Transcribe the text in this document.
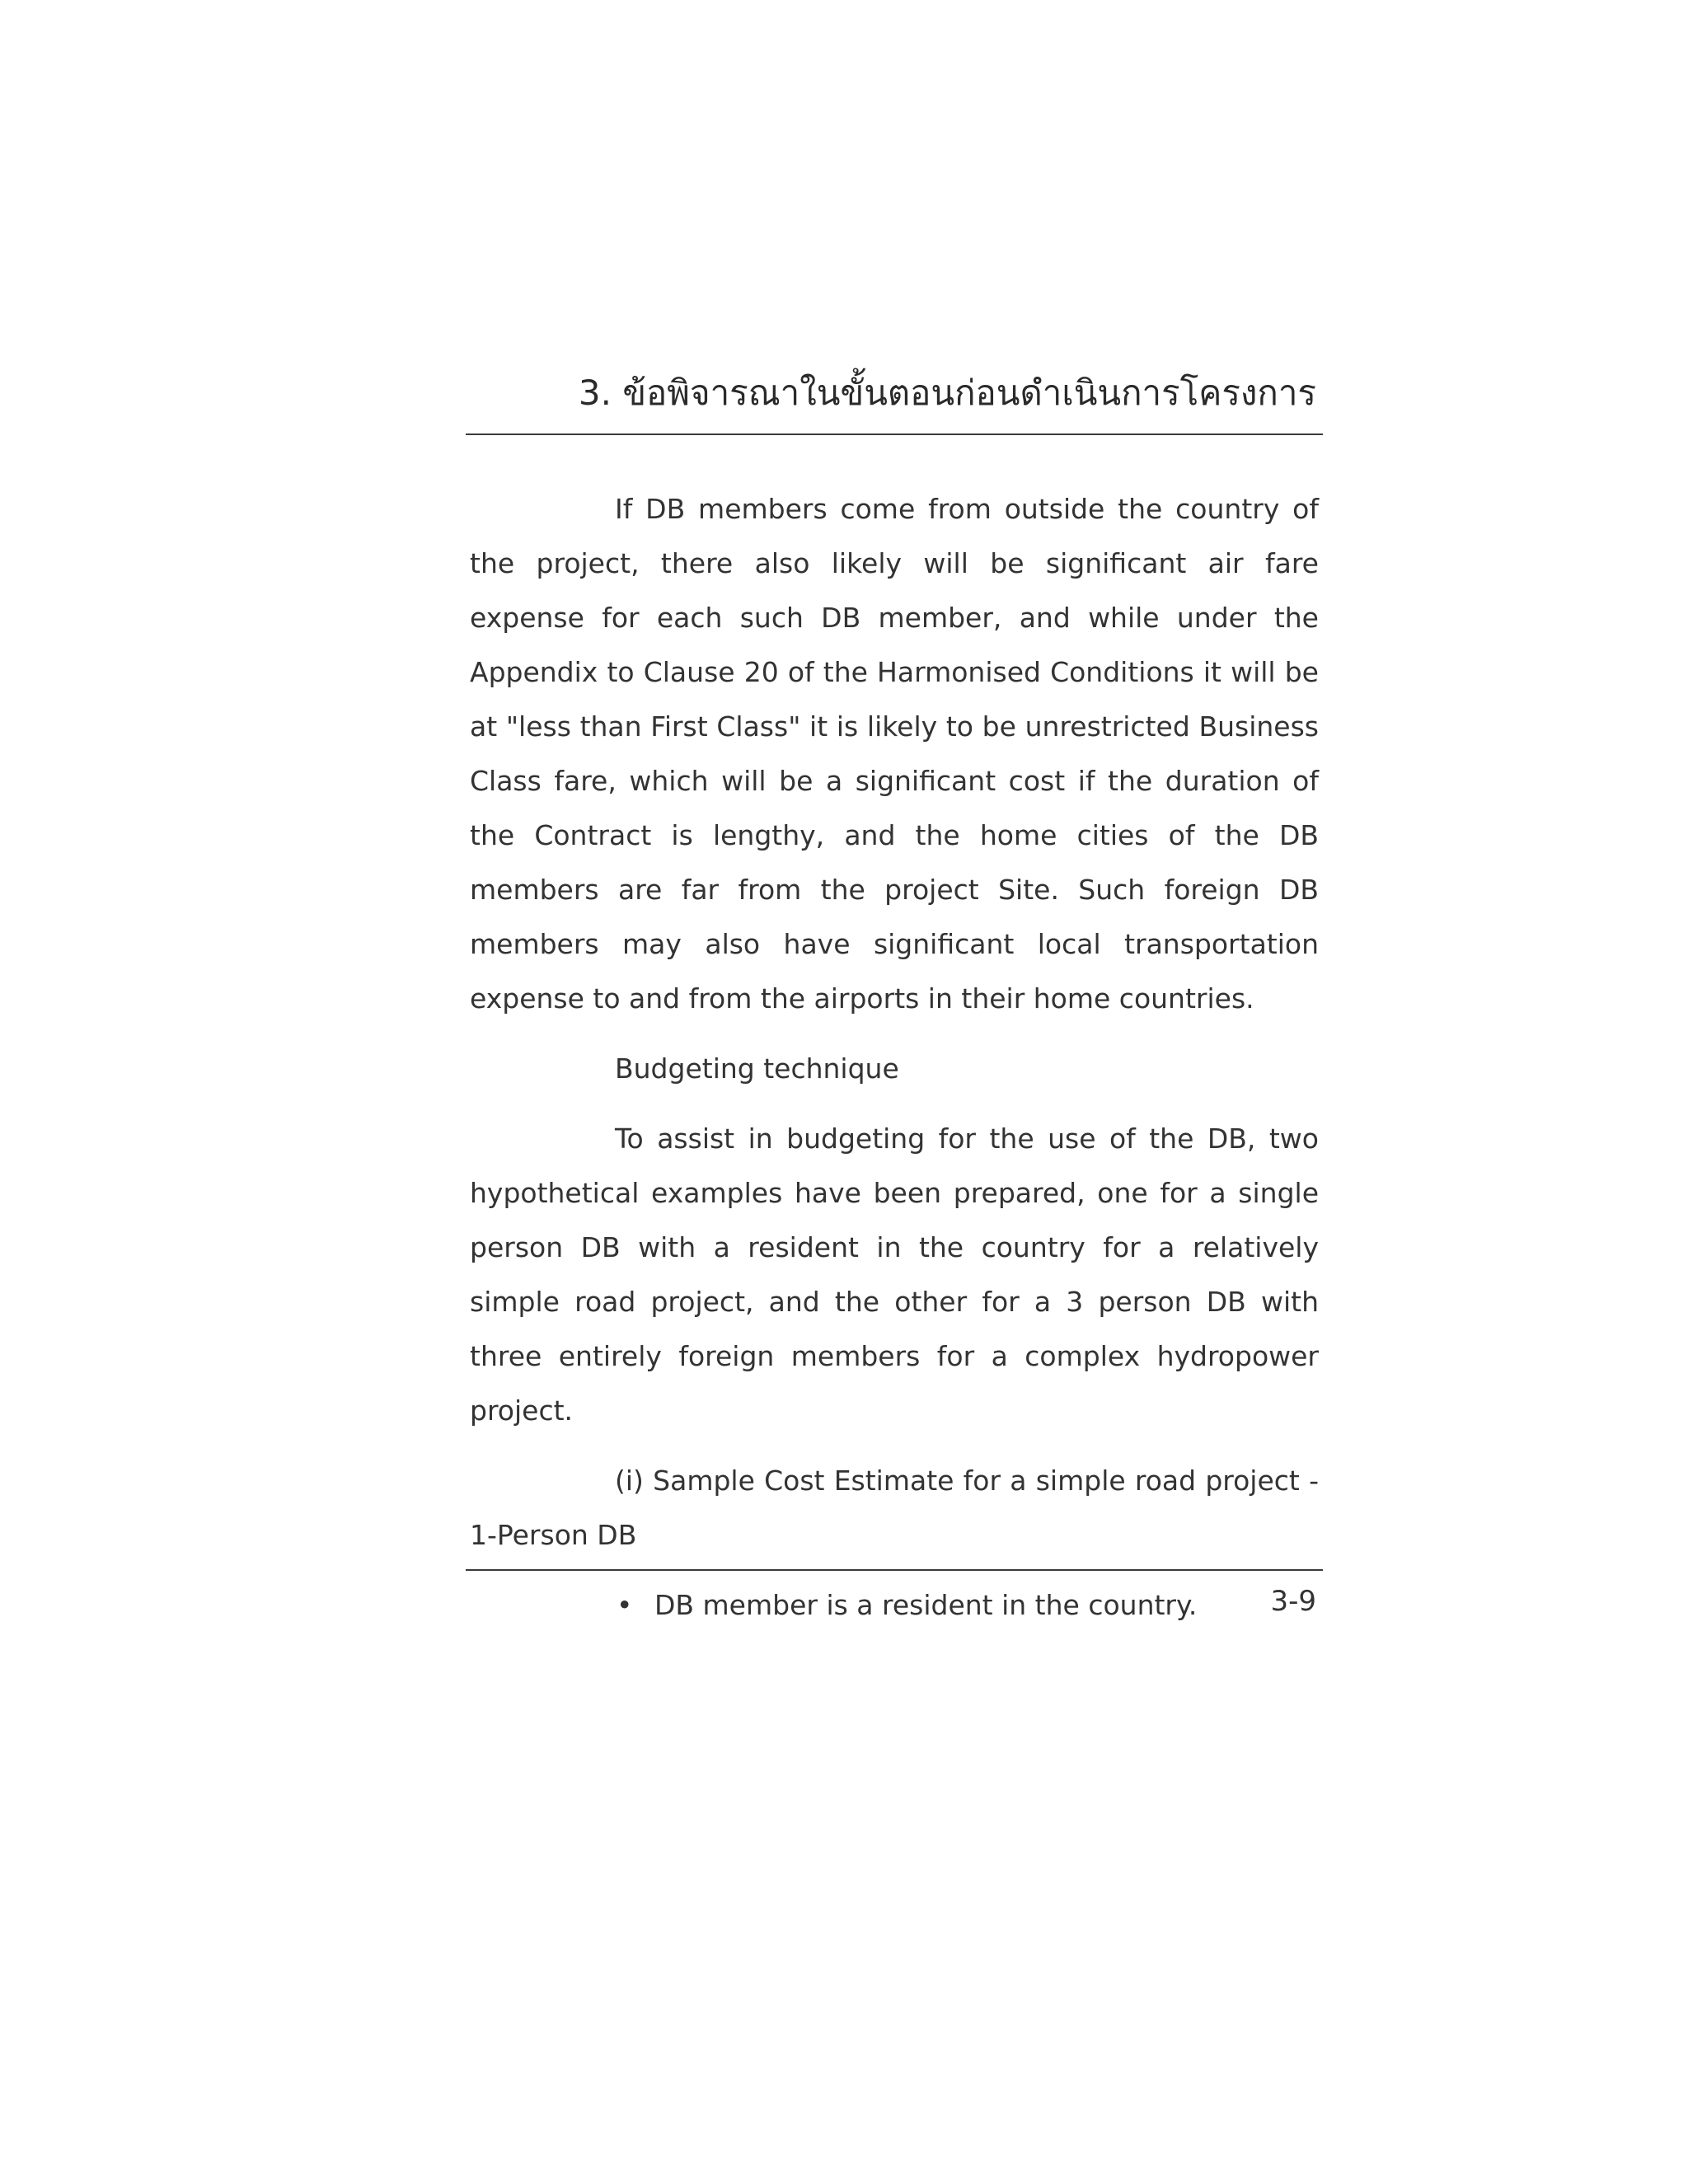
3. ข้อพิจารณาในขั้นตอนก่อนดำเนินการโครงการ

If DB members come from outside the country of the project, there also likely will be significant air fare expense for each such DB member, and while under the Appendix to Clause 20 of the Harmonised Conditions it will be at "less than First Class" it is likely to be unrestricted Business Class fare, which will be a significant cost if the duration of the Contract is lengthy, and the home cities of the DB members are far from the project Site. Such foreign DB members may also have significant local transportation expense to and from the airports in their home countries.

Budgeting technique

To assist in budgeting for the use of the DB, two hypothetical examples have been prepared, one for a single person DB with a resident in the country for a relatively simple road project, and the other for a 3 person DB with three entirely foreign members for a complex hydropower project.

(i) Sample Cost Estimate for a simple road project - 1-Person DB

• DB member is a resident in the country.	3-9
